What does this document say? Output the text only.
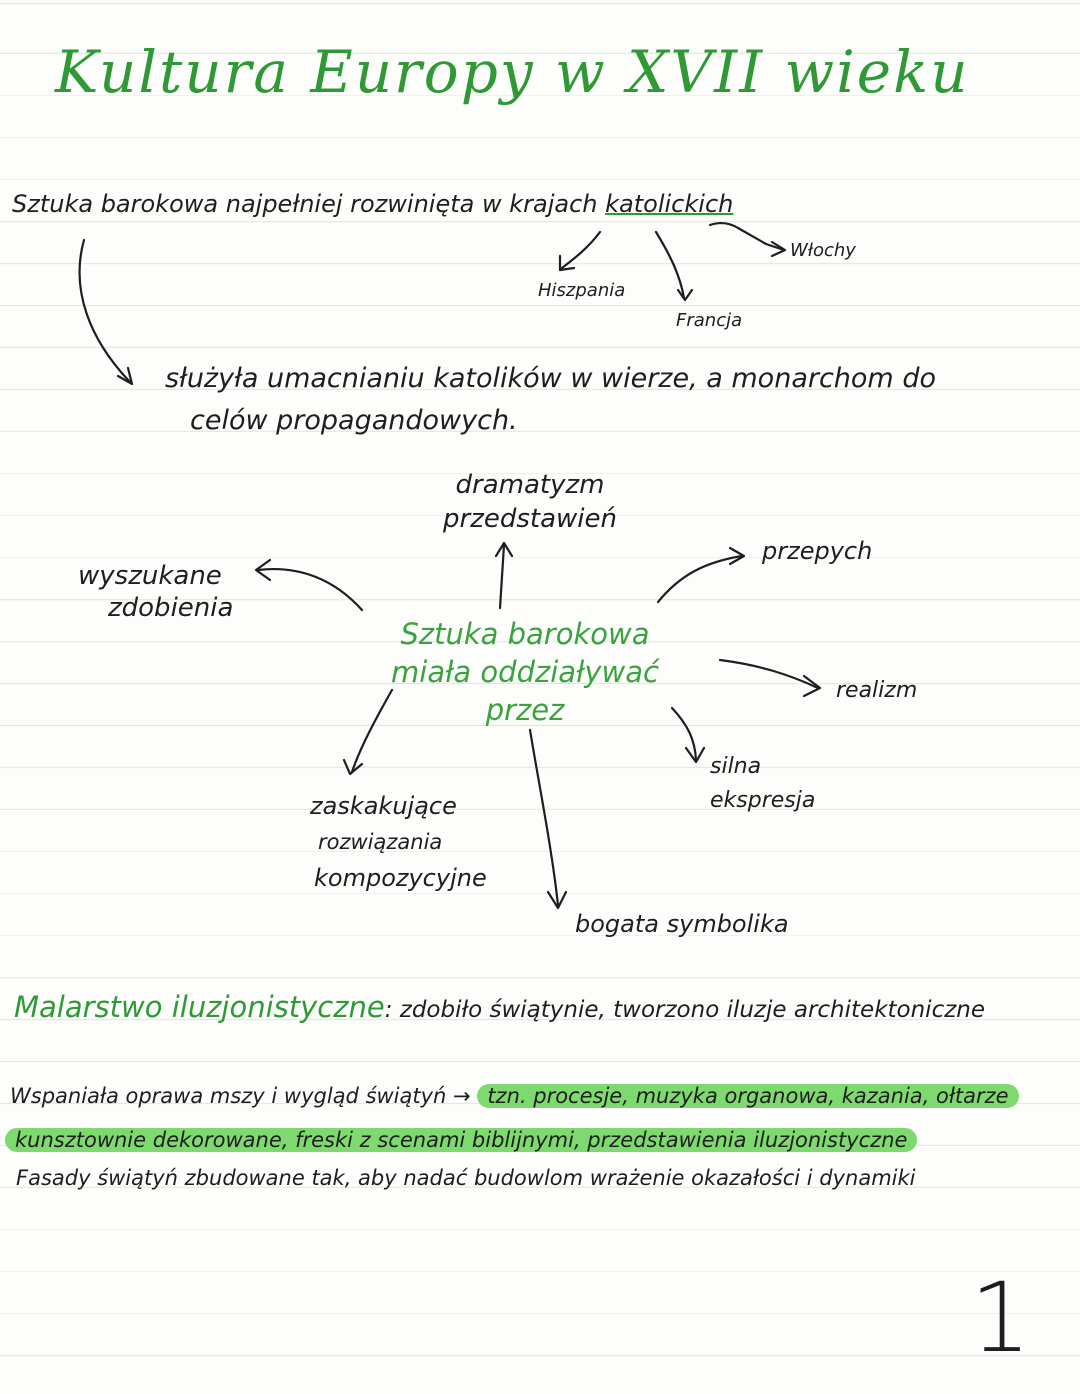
Kultura Europy w XVII wieku
Sztuka barokowa najpełniej rozwinięta w krajach katolickich
Hiszpania
Francja
Włochy
służyła umacnianiu katolików w wierze, a monarchom do
celów propagandowych.
Sztuka barokowa
miała oddziaływać
przez
dramatyzm
przedstawień
wyszukane
zdobienia
przepych
realizm
silna
ekspresja
zaskakujące
rozwiązania
kompozycyjne
bogata symbolika
Malarstwo iluzjonistyczne: zdobiło świątynie, tworzono iluzje architektoniczne
Wspaniała oprawa mszy i wygląd świątyń → tzn. procesje, muzyka organowa, kazania, ołtarze
kunsztownie dekorowane, freski z scenami biblijnymi, przedstawienia iluzjonistyczne
Fasady świątyń zbudowane tak, aby nadać budowlom wrażenie okazałości i dynamiki
1
